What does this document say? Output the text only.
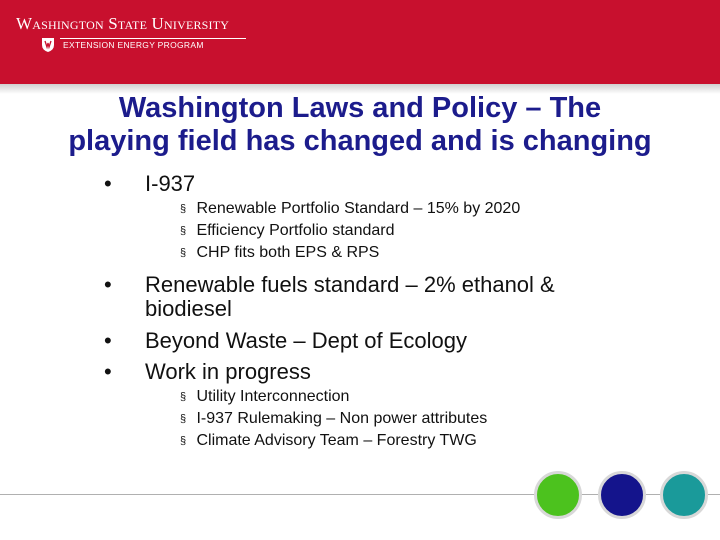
Washington State University
EXTENSION ENERGY PROGRAM
Washington Laws and Policy – The
playing field has changed and is changing
• I-937
§ Renewable Portfolio Standard – 15% by 2020
§ Efficiency Portfolio standard
§ CHP fits both EPS & RPS
• Renewable fuels standard – 2% ethanol & biodiesel
• Beyond Waste – Dept of Ecology
• Work in progress
§ Utility Interconnection
§ I-937 Rulemaking – Non power attributes
§ Climate Advisory Team – Forestry TWG
